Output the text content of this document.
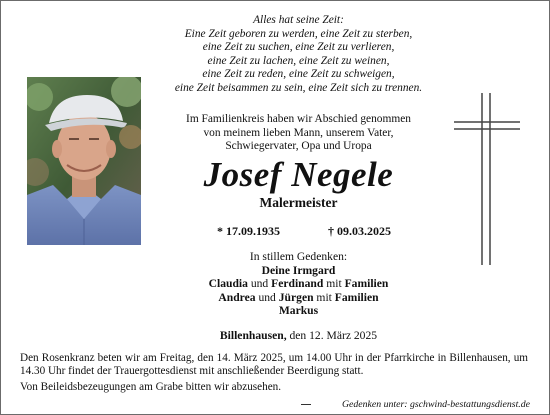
Alles hat seine Zeit:
Eine Zeit geboren zu werden, eine Zeit zu sterben,
eine Zeit zu suchen, eine Zeit zu verlieren,
eine Zeit zu lachen, eine Zeit zu weinen,
eine Zeit zu reden, eine Zeit zu schweigen,
eine Zeit beisammen zu sein, eine Zeit sich zu trennen.
Im Familienkreis haben wir Abschied genommen
von meinem lieben Mann, unserem Vater,
Schwiegervater, Opa und Uropa
Josef Negele
Malermeister
* 17.09.1935	† 09.03.2025
In stillem Gedenken:
Deine Irmgard
Claudia und Ferdinand mit Familien
Andrea und Jürgen mit Familien
Markus
Billenhausen, den 12. März 2025
Den Rosenkranz beten wir am Freitag, den 14. März 2025, um 14.00 Uhr in der Pfarrkirche in Billenhausen, um 14.30 Uhr findet der Trauergottesdienst mit anschließender Beerdigung statt.
Von Beileidsbezeugungen am Grabe bitten wir abzusehen.
Gedenken unter: gschwind-bestattungsdienst.de
